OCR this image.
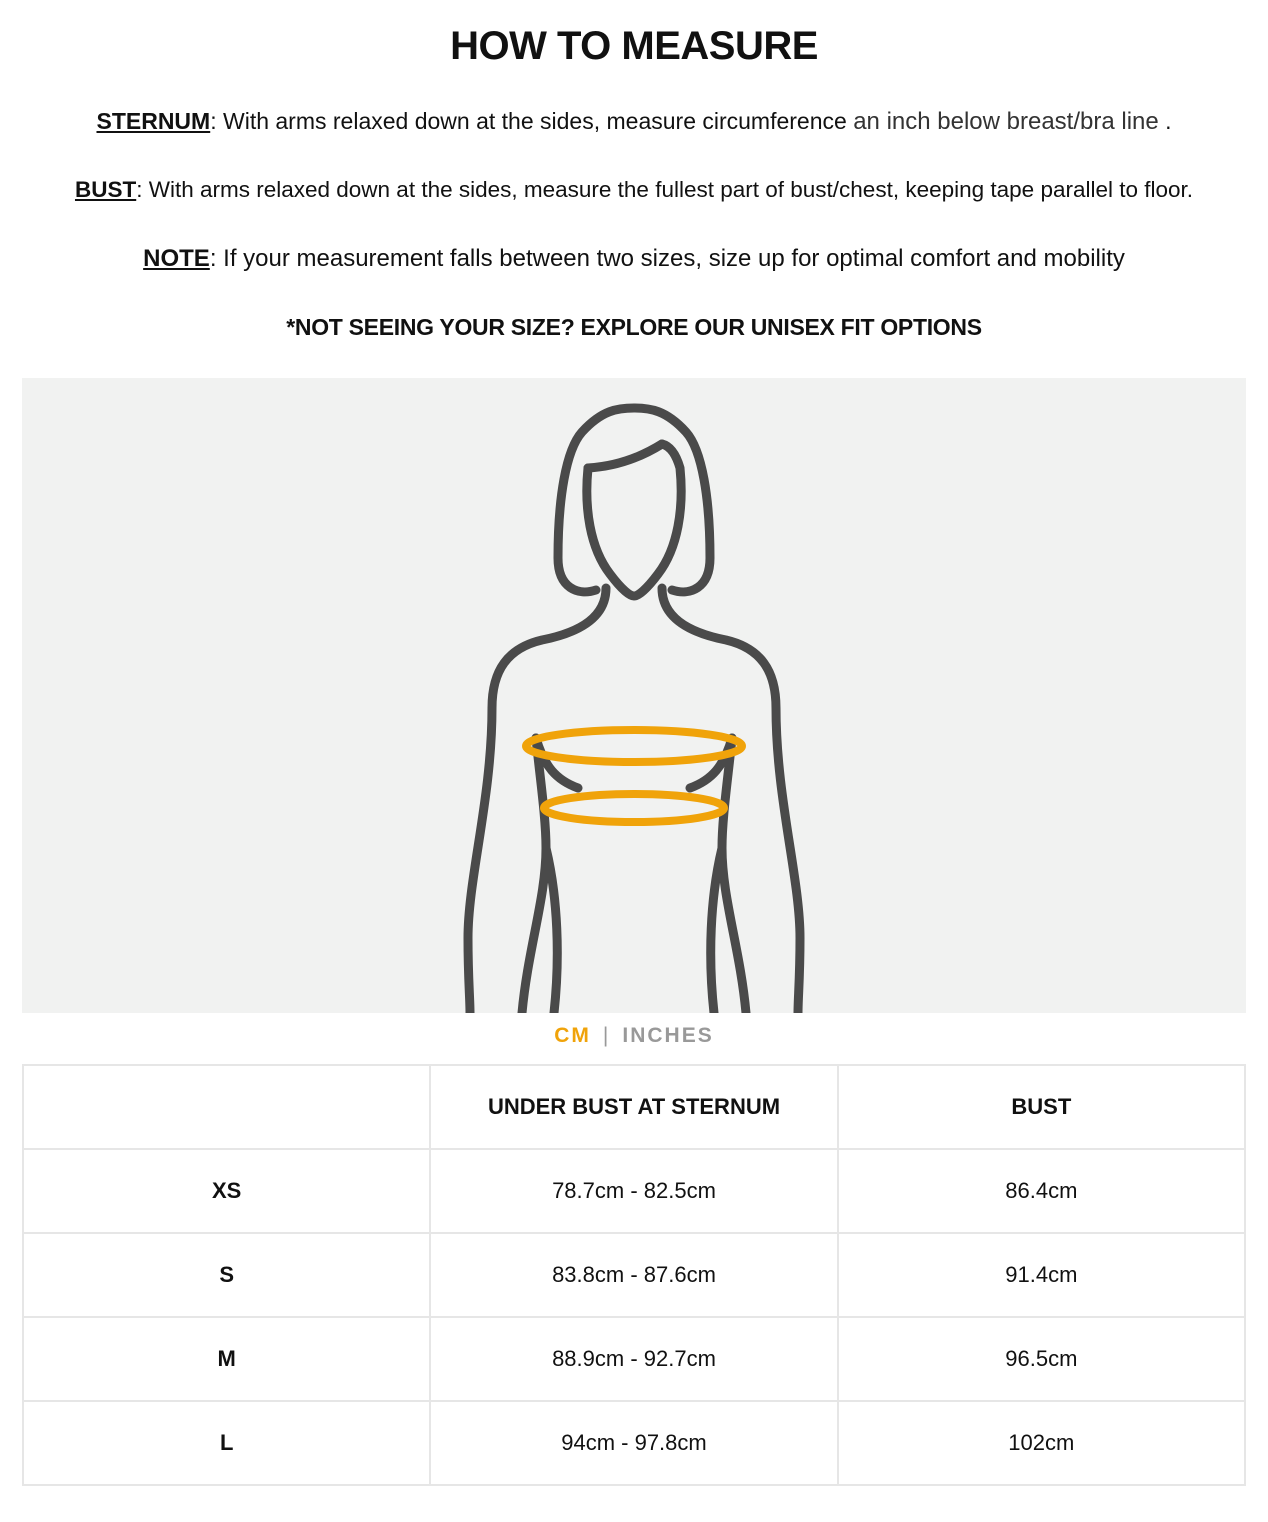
HOW TO MEASURE

STERNUM: With arms relaxed down at the sides, measure circumference an inch below breast/bra line .

BUST: With arms relaxed down at the sides, measure the fullest part of bust/chest, keeping tape parallel to floor.

NOTE: If your measurement falls between two sizes, size up for optimal comfort and mobility

*NOT SEEING YOUR SIZE? EXPLORE OUR UNISEX FIT OPTIONS
CM | INCHES
	UNDER BUST AT STERNUM	BUST
XS	78.7cm - 82.5cm	86.4cm
S	83.8cm - 87.6cm	91.4cm
M	88.9cm - 92.7cm	96.5cm
L	94cm - 97.8cm	102cm
